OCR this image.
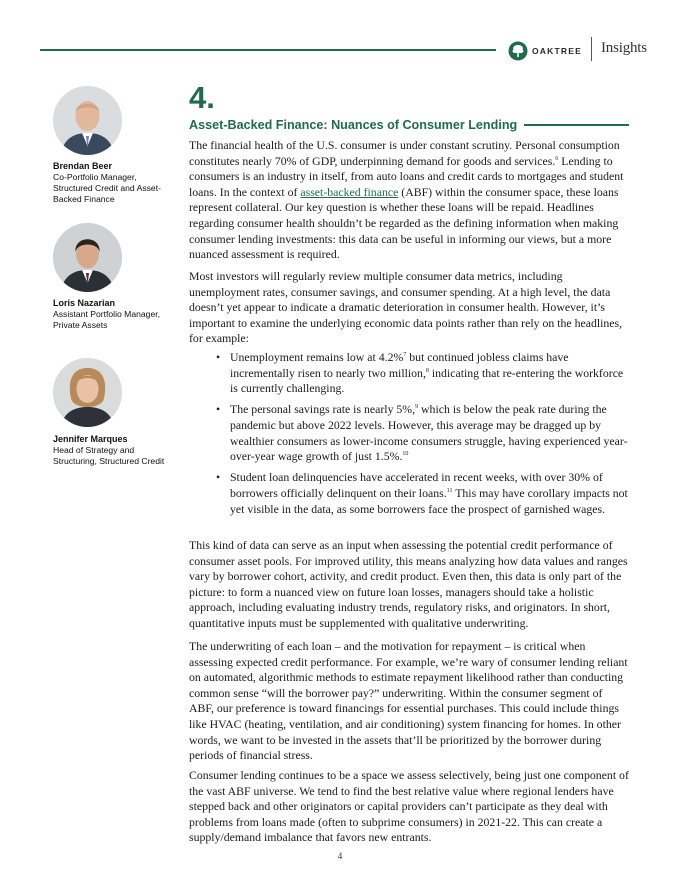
OAKTREE Insights
Brendan Beer
Co-Portfolio Manager, Structured Credit and Asset-Backed Finance
Loris Nazarian
Assistant Portfolio Manager, Private Assets
Jennifer Marques
Head of Strategy and Structuring, Structured Credit
4.
Asset-Backed Finance: Nuances of Consumer Lending

The financial health of the U.S. consumer is under constant scrutiny. Personal consumption constitutes nearly 70% of GDP, underpinning demand for goods and services.$^6$ Lending to consumers is an industry in itself, from auto loans and credit cards to mortgages and student loans. In the context of asset-backed finance (ABF) within the consumer space, these loans represent collateral. Our key question is whether these loans will be repaid. Headlines regarding consumer health shouldn’t be regarded as the defining information when making consumer lending investments: this data can be useful in informing our views, but a more nuanced assessment is required.

Most investors will regularly review multiple consumer data metrics, including unemployment rates, consumer savings, and consumer spending. At a high level, the data doesn’t yet appear to indicate a dramatic deterioration in consumer health. However, it’s important to examine the underlying economic data points rather than rely on the headlines, for example:

• Unemployment remains low at 4.2%$^7$ but continued jobless claims have incrementally risen to nearly two million,$^8$ indicating that re-entering the workforce is currently challenging.
• The personal savings rate is nearly 5%,$^9$ which is below the peak rate during the pandemic but above 2022 levels. However, this average may be dragged up by wealthier consumers as lower-income consumers struggle, having experienced year-over-year wage growth of just 1.5%.$^{10}$
• Student loan delinquencies have accelerated in recent weeks, with over 30% of borrowers officially delinquent on their loans.$^{11}$ This may have corollary impacts not yet visible in the data, as some borrowers face the prospect of garnished wages.

This kind of data can serve as an input when assessing the potential credit performance of consumer asset pools. For improved utility, this means analyzing how data values and ranges vary by borrower cohort, activity, and credit product. Even then, this data is only part of the picture: to form a nuanced view on future loan losses, managers should take a holistic approach, including evaluating industry trends, regulatory risks, and originators. In short, quantitative inputs must be supplemented with qualitative underwriting.

The underwriting of each loan – and the motivation for repayment – is critical when assessing expected credit performance. For example, we’re wary of consumer lending reliant on automated, algorithmic methods to estimate repayment likelihood rather than conducting common sense “will the borrower pay?” underwriting. Within the consumer segment of ABF, our preference is toward financings for essential purchases. This could include things like HVAC (heating, ventilation, and air conditioning) system financing for homes. In other words, we want to be invested in the assets that’ll be prioritized by the borrower during periods of financial stress.

Consumer lending continues to be a space we assess selectively, being just one component of the vast ABF universe. We tend to find the best relative value where regional lenders have stepped back and other originators or capital providers can’t participate as they deal with problems from loans made (often to subprime consumers) in 2021-22. This can create a supply/demand imbalance that favors new entrants.

4
